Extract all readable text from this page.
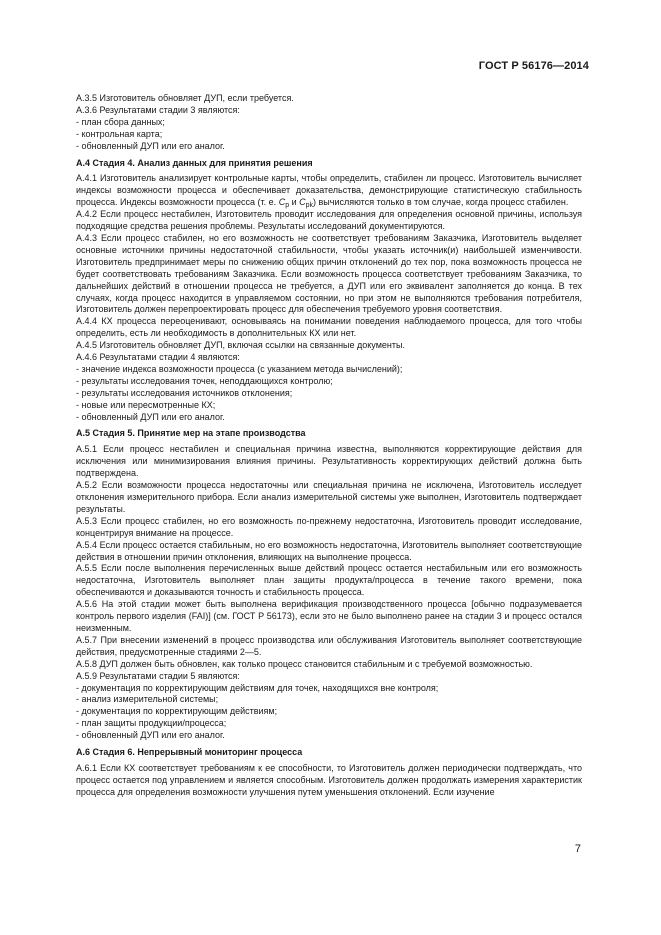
ГОСТ Р 56176—2014

А.3.5 Изготовитель обновляет ДУП, если требуется.

А.3.6 Результатами стадии 3 являются:

- план сбора данных;

- контрольная карта;

- обновленный ДУП или его аналог.

А.4 Стадия 4. Анализ данных для принятия решения

А.4.1 Изготовитель анализирует контрольные карты, чтобы определить, стабилен ли процесс. Изготовитель вычисляет индексы возможности процесса и обеспечивает доказательства, демонстрирующие статистическую стабильность процесса. Индексы возможности процесса (т. е. $C_p$ и $C_{pk}$) вычисляются только в том случае, когда процесс стабилен.

А.4.2 Если процесс нестабилен, Изготовитель проводит исследования для определения основной причины, используя подходящие средства решения проблемы. Результаты исследований документируются.

А.4.3 Если процесс стабилен, но его возможность не соответствует требованиям Заказчика, Изготовитель выделяет основные источники причины недостаточной стабильности, чтобы указать источник(и) наибольшей изменчивости. Изготовитель предпринимает меры по снижению общих причин отклонений до тех пор, пока возможность процесса не будет соответствовать требованиям Заказчика. Если возможность процесса соответствует требованиям Заказчика, то дальнейших действий в отношении процесса не требуется, а ДУП или его эквивалент заполняется до конца. В тех случаях, когда процесс находится в управляемом состоянии, но при этом не выполняются требования потребителя, Изготовитель должен перепроектировать процесс для обеспечения требуемого уровня соответствия.

А.4.4 КХ процесса переоценивают, основываясь на понимании поведения наблюдаемого процесса, для того чтобы определить, есть ли необходимость в дополнительных КХ или нет.

А.4.5 Изготовитель обновляет ДУП, включая ссылки на связанные документы.

А.4.6 Результатами стадии 4 являются:

- значение индекса возможности процесса (с указанием метода вычислений);

- результаты исследования точек, неподдающихся контролю;

- результаты исследования источников отклонения;

- новые или пересмотренные КХ;

- обновленный ДУП или его аналог.

А.5 Стадия 5. Принятие мер на этапе производства

А.5.1 Если процесс нестабилен и специальная причина известна, выполняются корректирующие действия для исключения или минимизирования влияния причины. Результативность корректирующих действий должна быть подтверждена.

А.5.2 Если возможности процесса недостаточны или специальная причина не исключена, Изготовитель исследует отклонения измерительного прибора. Если анализ измерительной системы уже выполнен, Изготовитель подтверждает результаты.

А.5.3 Если процесс стабилен, но его возможность по-прежнему недостаточна, Изготовитель проводит исследование, концентрируя внимание на процессе.

А.5.4 Если процесс остается стабильным, но его возможность недостаточна, Изготовитель выполняет соответствующие действия в отношении причин отклонения, влияющих на выполнение процесса.

А.5.5 Если после выполнения перечисленных выше действий процесс остается нестабильным или его возможность недостаточна, Изготовитель выполняет план защиты продукта/процесса в течение такого времени, пока обеспечиваются и доказываются точность и стабильность процесса.

А.5.6 На этой стадии может быть выполнена верификация производственного процесса [обычно подразумевается контроль первого изделия (FAI)] (см. ГОСТ Р 56173), если это не было выполнено ранее на стадии 3 и процесс остался неизменным.

А.5.7 При внесении изменений в процесс производства или обслуживания Изготовитель выполняет соответствующие действия, предусмотренные стадиями 2—5.

А.5.8 ДУП должен быть обновлен, как только процесс становится стабильным и с требуемой возможностью.

А.5.9 Результатами стадии 5 являются:

- документация по корректирующим действиям для точек, находящихся вне контроля;

- анализ измерительной системы;

- документация по корректирующим действиям;

- план защиты продукции/процесса;

- обновленный ДУП или его аналог.

А.6 Стадия 6. Непрерывный мониторинг процесса

А.6.1 Если КХ соответствует требованиям к ее способности, то Изготовитель должен периодически подтверждать, что процесс остается под управлением и является способным. Изготовитель должен продолжать измерения характеристик процесса для определения возможности улучшения путем уменьшения отклонений. Если изучение

7
